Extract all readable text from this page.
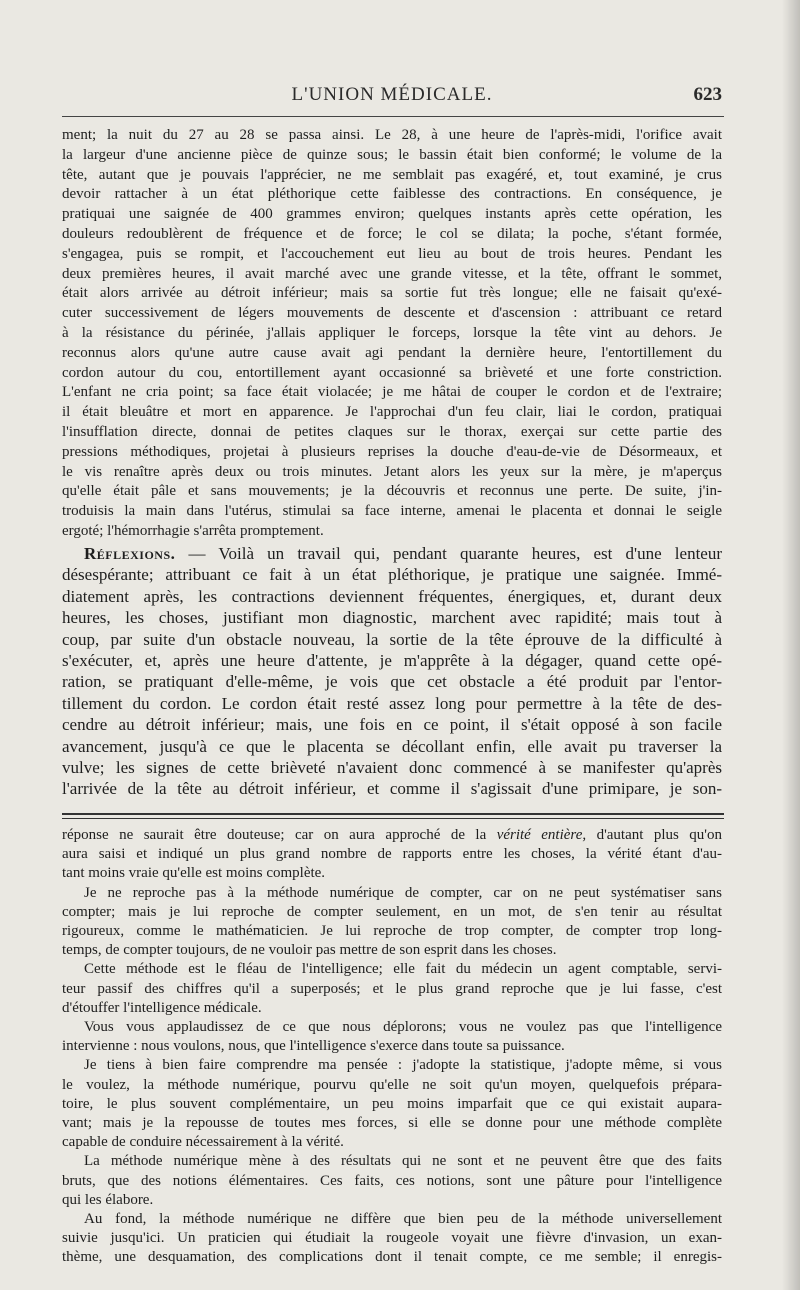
L'UNION MÉDICALE.	623
ment; la nuit du 27 au 28 se passa ainsi. Le 28, à une heure de l'après-midi, l'orifice avait
la largeur d'une ancienne pièce de quinze sous; le bassin était bien conformé; le volume de la
tête, autant que je pouvais l'apprécier, ne me semblait pas exagéré, et, tout examiné, je crus
devoir rattacher à un état pléthorique cette faiblesse des contractions. En conséquence, je
pratiquai une saignée de 400 grammes environ; quelques instants après cette opération, les
douleurs redoublèrent de fréquence et de force; le col se dilata; la poche, s'étant formée,
s'engagea, puis se rompit, et l'accouchement eut lieu au bout de trois heures. Pendant les
deux premières heures, il avait marché avec une grande vitesse, et la tête, offrant le sommet,
était alors arrivée au détroit inférieur; mais sa sortie fut très longue; elle ne faisait qu'exé-
cuter successivement de légers mouvements de descente et d'ascension : attribuant ce retard
à la résistance du périnée, j'allais appliquer le forceps, lorsque la tête vint au dehors. Je
reconnus alors qu'une autre cause avait agi pendant la dernière heure, l'entortillement du
cordon autour du cou, entortillement ayant occasionné sa brièveté et une forte constriction.
L'enfant ne cria point; sa face était violacée; je me hâtai de couper le cordon et de l'extraire;
il était bleuâtre et mort en apparence. Je l'approchai d'un feu clair, liai le cordon, pratiquai
l'insufflation directe, donnai de petites claques sur le thorax, exerçai sur cette partie des
pressions méthodiques, projetai à plusieurs reprises la douche d'eau-de-vie de Désormeaux, et
le vis renaître après deux ou trois minutes. Jetant alors les yeux sur la mère, je m'aperçus
qu'elle était pâle et sans mouvements; je la découvris et reconnus une perte. De suite, j'in-
troduisis la main dans l'utérus, stimulai sa face interne, amenai le placenta et donnai le seigle
ergoté; l'hémorrhagie s'arrêta promptement.
Réflexions. — Voilà un travail qui, pendant quarante heures, est d'une lenteur
désespérante; attribuant ce fait à un état pléthorique, je pratique une saignée. Immé-
diatement après, les contractions deviennent fréquentes, énergiques, et, durant deux
heures, les choses, justifiant mon diagnostic, marchent avec rapidité; mais tout à
coup, par suite d'un obstacle nouveau, la sortie de la tête éprouve de la difficulté à
s'exécuter, et, après une heure d'attente, je m'apprête à la dégager, quand cette opé-
ration, se pratiquant d'elle-même, je vois que cet obstacle a été produit par l'entor-
tillement du cordon. Le cordon était resté assez long pour permettre à la tête de des-
cendre au détroit inférieur; mais, une fois en ce point, il s'était opposé à son facile
avancement, jusqu'à ce que le placenta se décollant enfin, elle avait pu traverser la
vulve; les signes de cette brièveté n'avaient donc commencé à se manifester qu'après
l'arrivée de la tête au détroit inférieur, et comme il s'agissait d'une primipare, je son-
réponse ne saurait être douteuse; car on aura approché de la vérité entière, d'autant plus qu'on
aura saisi et indiqué un plus grand nombre de rapports entre les choses, la vérité étant d'au-
tant moins vraie qu'elle est moins complète.
Je ne reproche pas à la méthode numérique de compter, car on ne peut systématiser sans
compter; mais je lui reproche de compter seulement, en un mot, de s'en tenir au résultat
rigoureux, comme le mathématicien. Je lui reproche de trop compter, de compter trop long-
temps, de compter toujours, de ne vouloir pas mettre de son esprit dans les choses.
Cette méthode est le fléau de l'intelligence; elle fait du médecin un agent comptable, servi-
teur passif des chiffres qu'il a superposés; et le plus grand reproche que je lui fasse, c'est
d'étouffer l'intelligence médicale.
Vous vous applaudissez de ce que nous déplorons; vous ne voulez pas que l'intelligence
intervienne : nous voulons, nous, que l'intelligence s'exerce dans toute sa puissance.
Je tiens à bien faire comprendre ma pensée : j'adopte la statistique, j'adopte même, si vous
le voulez, la méthode numérique, pourvu qu'elle ne soit qu'un moyen, quelquefois prépara-
toire, le plus souvent complémentaire, un peu moins imparfait que ce qui existait aupara-
vant; mais je la repousse de toutes mes forces, si elle se donne pour une méthode complète
capable de conduire nécessairement à la vérité.
La méthode numérique mène à des résultats qui ne sont et ne peuvent être que des faits
bruts, que des notions élémentaires. Ces faits, ces notions, sont une pâture pour l'intelligence
qui les élabore.
Au fond, la méthode numérique ne diffère que bien peu de la méthode universellement
suivie jusqu'ici. Un praticien qui étudiait la rougeole voyait une fièvre d'invasion, un exan-
thème, une desquamation, des complications dont il tenait compte, ce me semble; il enregis-
